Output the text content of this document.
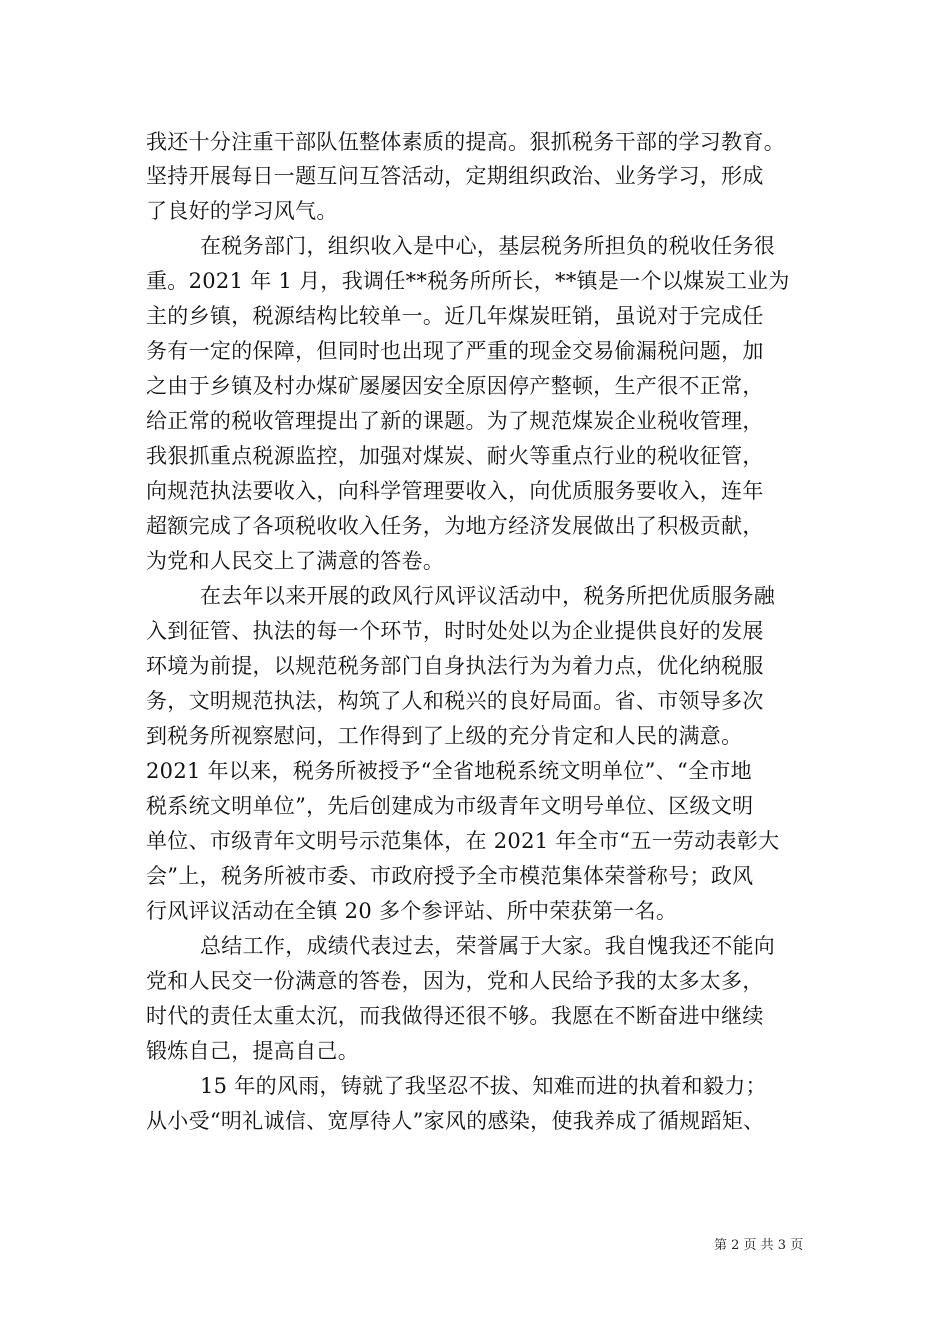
我还十分注重干部队伍整体素质的提高。狠抓税务干部的学习教育。
坚持开展每日一题互问互答活动，定期组织政治、业务学习，形成
了良好的学习风气。
在税务部门，组织收入是中心，基层税务所担负的税收任务很
重。2021 年 1 月，我调任**税务所所长，**镇是一个以煤炭工业为
主的乡镇，税源结构比较单一。近几年煤炭旺销，虽说对于完成任
务有一定的保障，但同时也出现了严重的现金交易偷漏税问题，加
之由于乡镇及村办煤矿屡屡因安全原因停产整顿，生产很不正常，
给正常的税收管理提出了新的课题。为了规范煤炭企业税收管理，
我狠抓重点税源监控，加强对煤炭、耐火等重点行业的税收征管，
向规范执法要收入，向科学管理要收入，向优质服务要收入，连年
超额完成了各项税收收入任务，为地方经济发展做出了积极贡献，
为党和人民交上了满意的答卷。
在去年以来开展的政风行风评议活动中，税务所把优质服务融
入到征管、执法的每一个环节，时时处处以为企业提供良好的发展
环境为前提，以规范税务部门自身执法行为为着力点，优化纳税服
务，文明规范执法，构筑了人和税兴的良好局面。省、市领导多次
到税务所视察慰问，工作得到了上级的充分肯定和人民的满意。
2021 年以来，税务所被授予“全省地税系统文明单位”、“全市地
税系统文明单位”，先后创建成为市级青年文明号单位、区级文明
单位、市级青年文明号示范集体，在 2021 年全市“五一劳动表彰大
会”上，税务所被市委、市政府授予全市模范集体荣誉称号；政风
行风评议活动在全镇 20 多个参评站、所中荣获第一名。
总结工作，成绩代表过去，荣誉属于大家。我自愧我还不能向
党和人民交一份满意的答卷，因为，党和人民给予我的太多太多，
时代的责任太重太沉，而我做得还很不够。我愿在不断奋进中继续
锻炼自己，提高自己。
15 年的风雨，铸就了我坚忍不拔、知难而进的执着和毅力；
从小受“明礼诚信、宽厚待人”家风的感染，使我养成了循规蹈矩、
第 2 页 共 3 页
